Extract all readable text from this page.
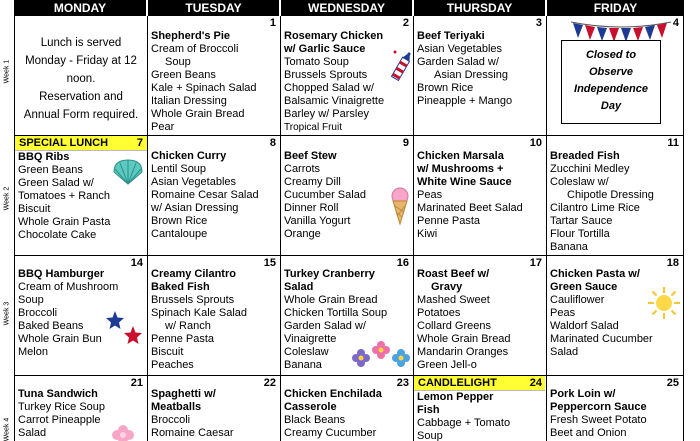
Week 1
Week 2
Week 3
Week 4
MONDAY	TUESDAY	WEDNESDAY	THURSDAY	FRIDAY
Lunch is served
Monday - Friday at 12
noon.
Reservation and
Annual Form required.
1
Shepherd's Pie
Cream of Broccoli
Soup
Green Beans
Kale + Spinach Salad
Italian Dressing
Whole Grain Bread
Pear
2
Rosemary Chicken
w/ Garlic Sauce
Tomato Soup
Brussels Sprouts
Chopped Salad w/
Balsamic Vinaigrette
Barley w/ Parsley
Tropical Fruit
3
Beef Teriyaki
Asian Vegetables
Garden Salad w/
Asian Dressing
Brown Rice
Pineapple + Mango
4
Closed to
Observe
Independence
Day
SPECIAL LUNCH	7
BBQ Ribs
Green Beans
Green Salad w/
Tomatoes + Ranch
Biscuit
Whole Grain Pasta
Chocolate Cake
8
Chicken Curry
Lentil Soup
Asian Vegetables
Romaine Cesar Salad
w/ Asian Dressing
Brown Rice
Cantaloupe
9
Beef Stew
Carrots
Creamy Dill
Cucumber Salad
Dinner Roll
Vanilla Yogurt
Orange
10
Chicken Marsala
w/ Mushrooms +
White Wine Sauce
Peas
Marinated Beet Salad
Penne Pasta
Kiwi
11
Breaded Fish
Zucchini Medley
Coleslaw w/
Chipotle Dressing
Cilantro Lime Rice
Tartar Sauce
Flour Tortilla
Banana
14
BBQ Hamburger
Cream of Mushroom
Soup
Broccoli
Baked Beans
Whole Grain Bun
Melon
15
Creamy Cilantro
Baked Fish
Brussels Sprouts
Spinach Kale Salad
w/ Ranch
Penne Pasta
Biscuit
Peaches
16
Turkey Cranberry
Salad
Whole Grain Bread
Chicken Tortilla Soup
Garden Salad w/
Vinaigrette
Coleslaw
Banana
17
Roast Beef w/
Gravy
Mashed Sweet
Potatoes
Collard Greens
Whole Grain Bread
Mandarin Oranges
Green Jell-o
18
Chicken Pasta w/
Green Sauce
Cauliflower
Peas
Waldorf Salad
Marinated Cucumber
Salad
21
Tuna Sandwich
Turkey Rice Soup
Carrot Pineapple
Salad
22
Spaghetti w/
Meatballs
Broccoli
Romaine Caesar
23
Chicken Enchilada
Casserole
Black Beans
Creamy Cucumber
CANDLELIGHT	24
Lemon Pepper
Fish
Cabbage + Tomato
Soup
25
Pork Loin w/
Peppercorn Sauce
Fresh Sweet Potato
Beet and Onion
